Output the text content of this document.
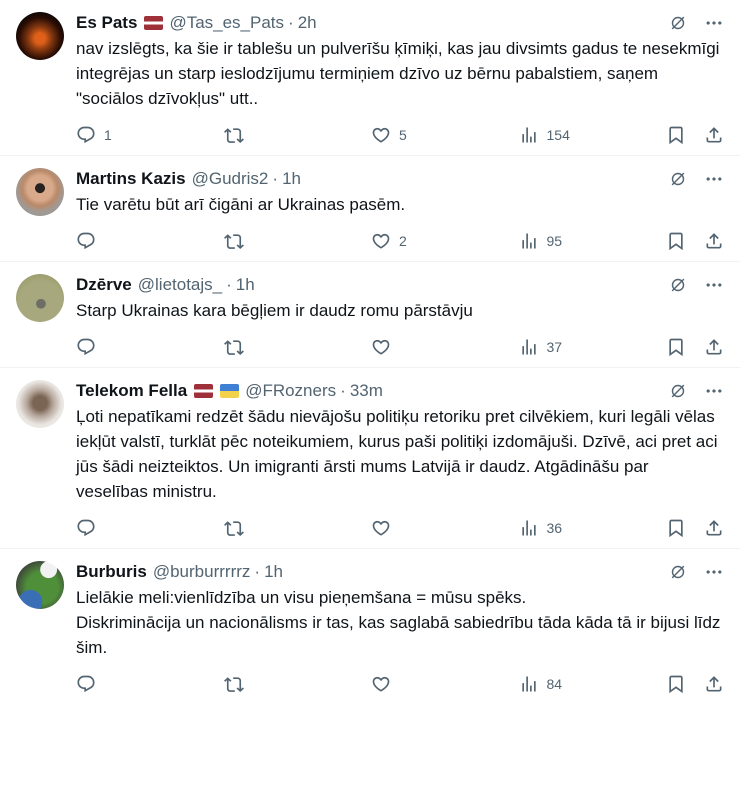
Es Pats @Tas_es_Pats · 2h
nav izslēgts, ka šie ir tablešu un pulverīšu ķīmiķi, kas jau divsimts gadus te nesekmīgi integrējas un starp ieslodzījumu termiņiem dzīvo uz bērnu pabalstiem, saņem "sociālos dzīvokļus" utt..
1	5	154
Martins Kazis @Gudris2 · 1h
Tie varētu būt arī čigāni ar Ukrainas pasēm.
2	95
Dzērve @lietotajs_ · 1h
Starp Ukrainas kara bēgļiem ir daudz romu pārstāvju
37
Telekom Fella	@FRozners · 33m
Ļoti nepatīkami redzēt šādu nievājošu politiķu retoriku pret cilvēkiem, kuri legāli vēlas iekļūt valstī, turklāt pēc noteikumiem, kurus paši politiķi izdomājuši. Dzīvē, aci pret aci jūs šādi neizteiktos. Un imigranti ārsti mums Latvijā ir daudz. Atgādināšu par veselības ministru.
36
Burburis @burburrrrrz · 1h
Lielākie meli:vienlīdzība un visu pieņemšana = mūsu spēks.
Diskriminācija un nacionālisms ir tas, kas saglabā sabiedrību tāda kāda tā ir bijusi līdz šim.
84
